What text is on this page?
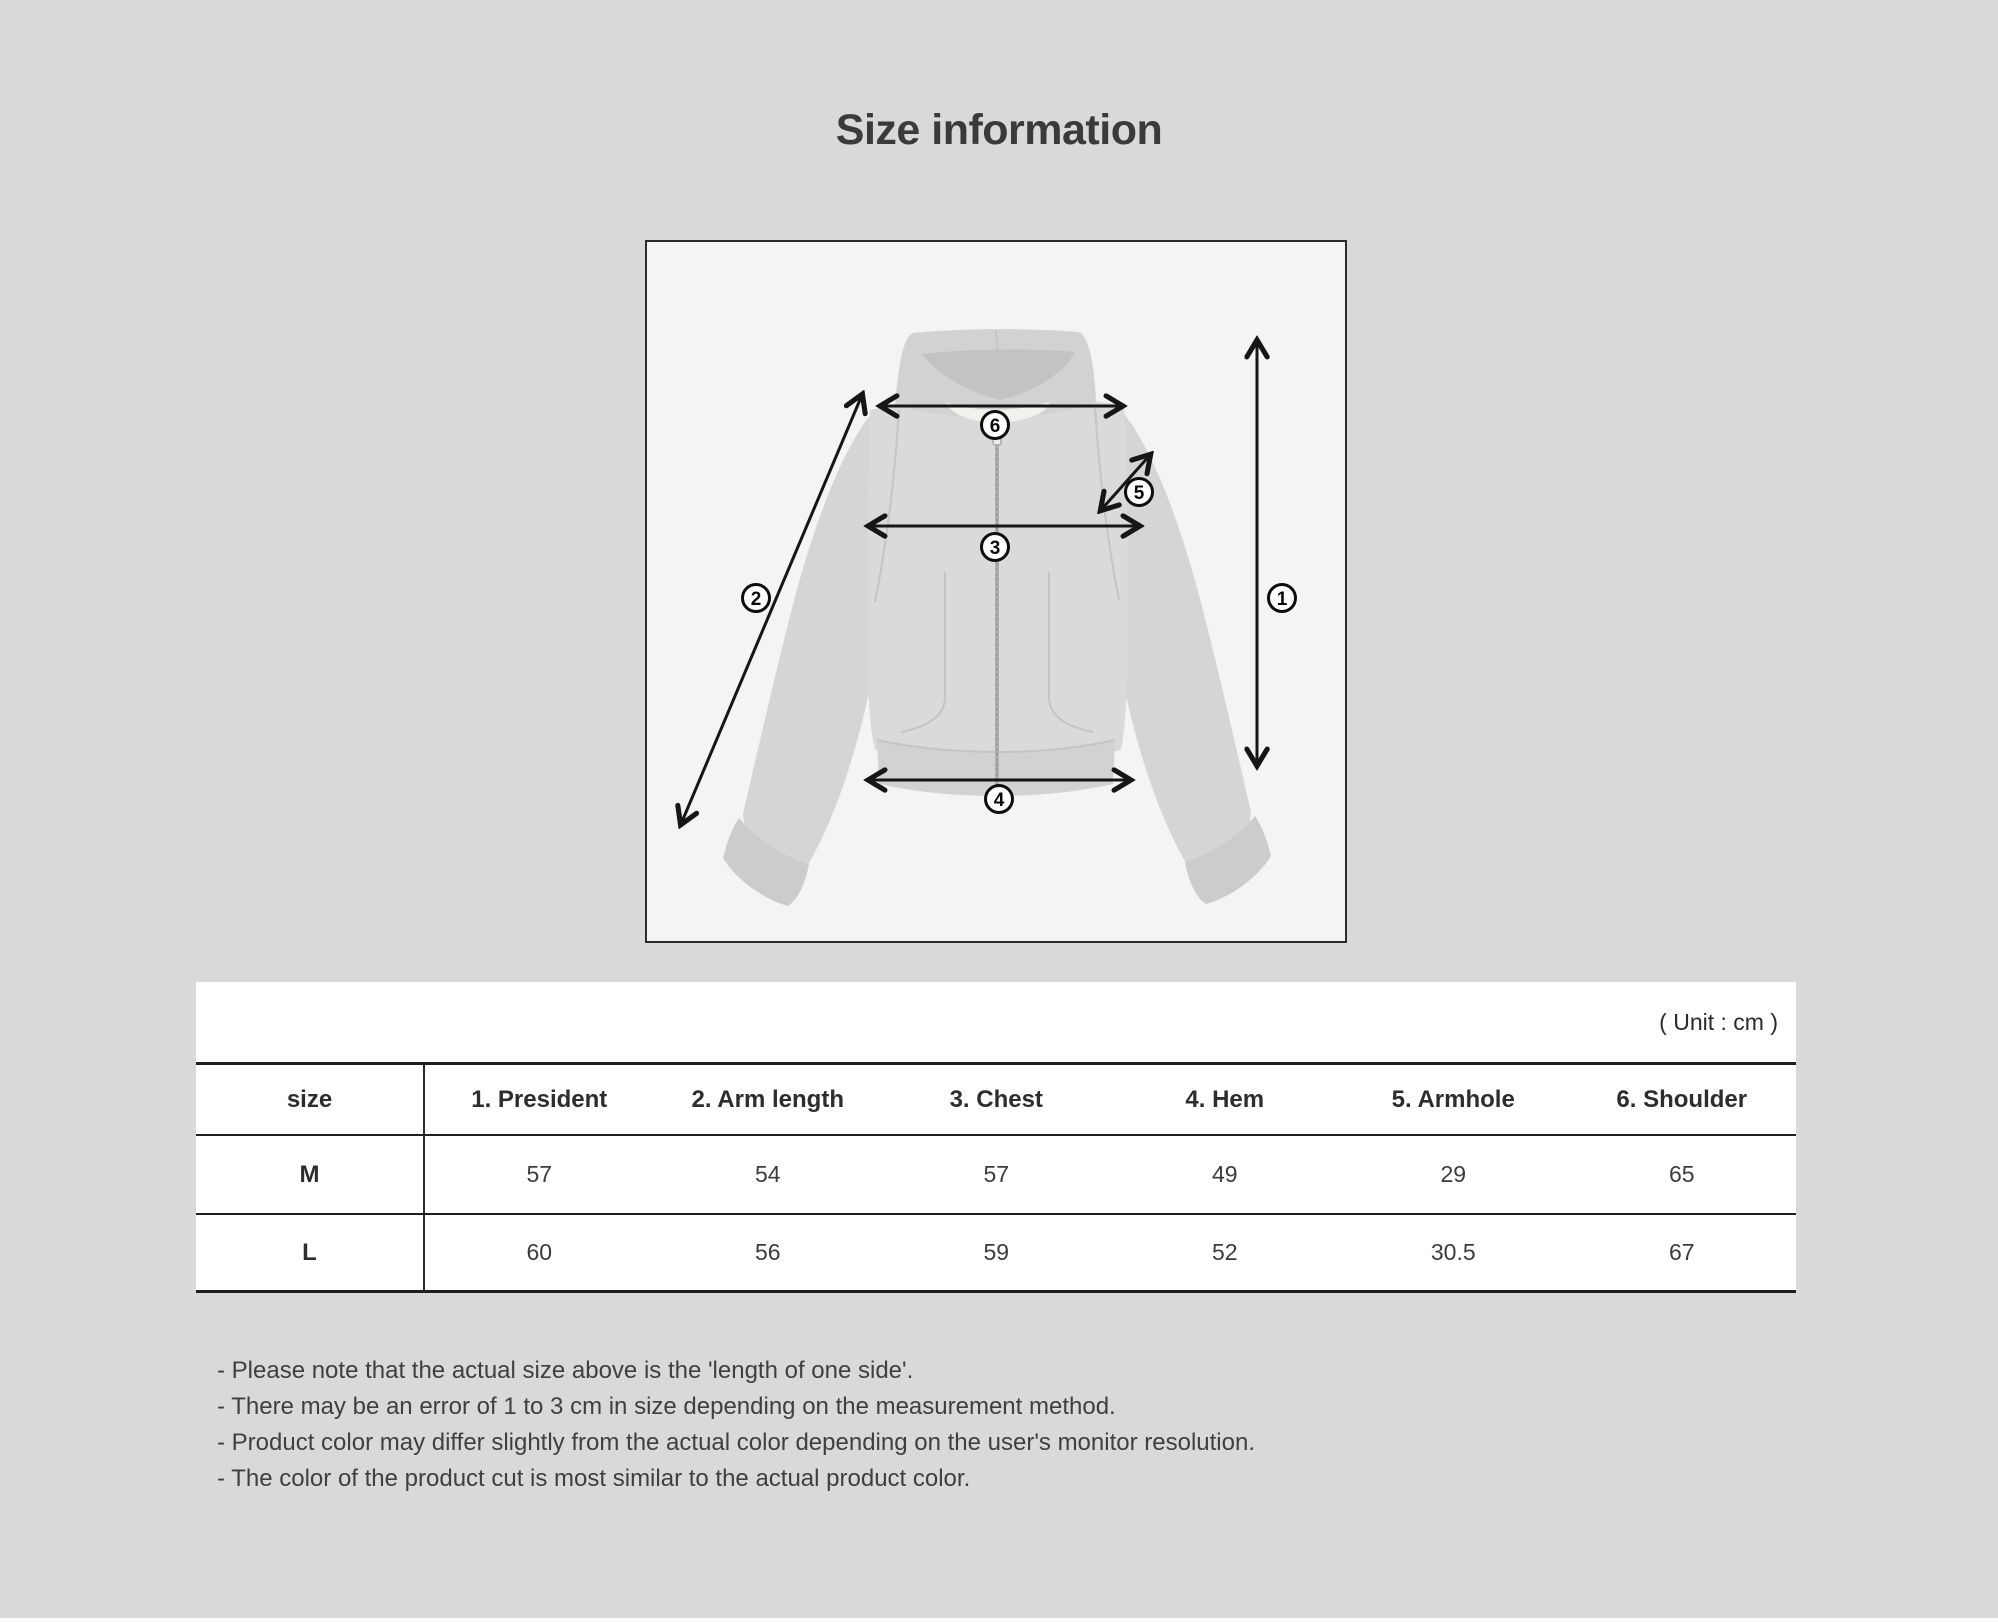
Size information
1
2
3
4
5
6
( Unit : cm )
size	1. President	2. Arm length	3. Chest	4. Hem	5. Armhole	6. Shoulder
M	57	54	57	49	29	65
L	60	56	59	52	30.5	67

- Please note that the actual size above is the 'length of one side'.

- There may be an error of 1 to 3 cm in size depending on the measurement method.

- Product color may differ slightly from the actual color depending on the user's monitor resolution.

- The color of the product cut is most similar to the actual product color.
